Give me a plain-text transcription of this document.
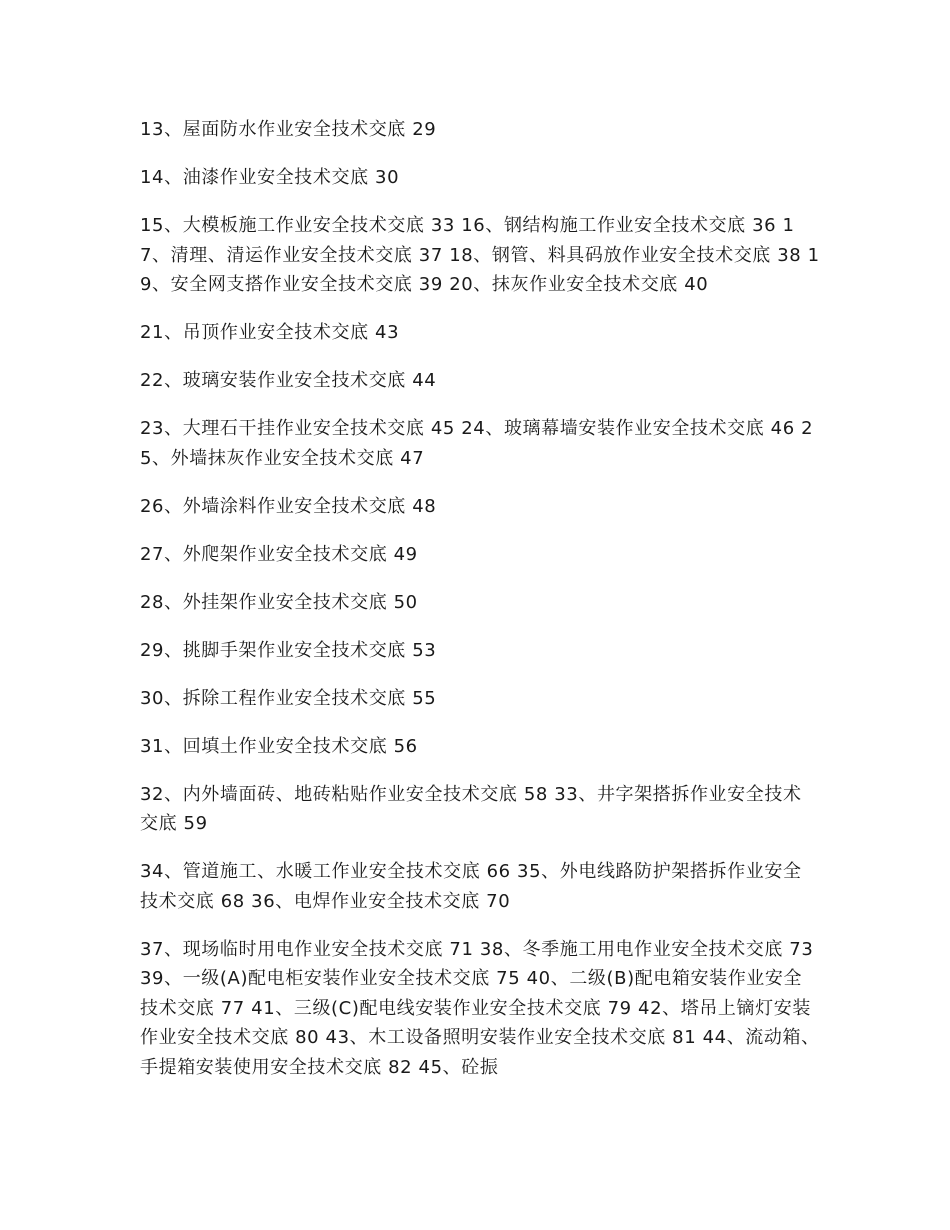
13、屋面防水作业安全技术交底 29

14、油漆作业安全技术交底 30

15、大模板施工作业安全技术交底 33 16、钢结构施工作业安全技术交底 36 17、清理、清运作业安全技术交底 37 18、钢管、料具码放作业安全技术交底 38 19、安全网支搭作业安全技术交底 39 20、抹灰作业安全技术交底 40

21、吊顶作业安全技术交底 43

22、玻璃安装作业安全技术交底 44

23、大理石干挂作业安全技术交底 45 24、玻璃幕墙安装作业安全技术交底 46 25、外墙抹灰作业安全技术交底 47

26、外墙涂料作业安全技术交底 48

27、外爬架作业安全技术交底 49

28、外挂架作业安全技术交底 50

29、挑脚手架作业安全技术交底 53

30、拆除工程作业安全技术交底 55

31、回填土作业安全技术交底 56

32、内外墙面砖、地砖粘贴作业安全技术交底 58 33、井字架搭拆作业安全技术交底 59

34、管道施工、水暖工作业安全技术交底 66 35、外电线路防护架搭拆作业安全技术交底 68 36、电焊作业安全技术交底 70

37、现场临时用电作业安全技术交底 71 38、冬季施工用电作业安全技术交底 73 39、一级(A)配电柜安装作业安全技术交底 75 40、二级(B)配电箱安装作业安全技术交底 77 41、三级(C)配电线安装作业安全技术交底 79 42、塔吊上镝灯安装作业安全技术交底 80 43、木工设备照明安装作业安全技术交底 81 44、流动箱、手提箱安装使用安全技术交底 82 45、砼振
